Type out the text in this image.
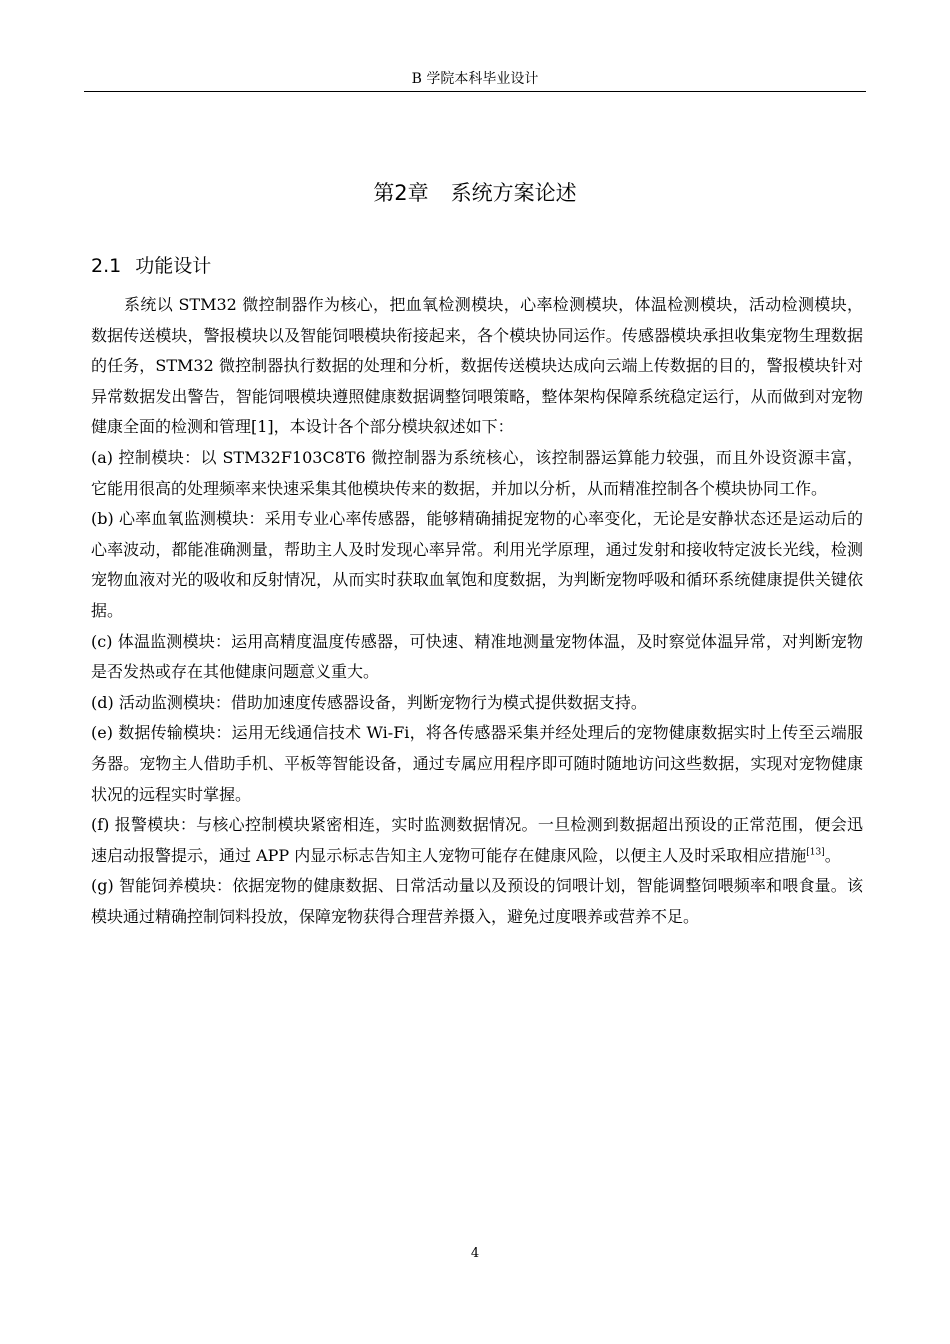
B 学院本科毕业设计
第2章 系统方案论述
2.1 功能设计

系统以 STM32 微控制器作为核心，把血氧检测模块，心率检测模块，体温检测模块，活动检测模块，数据传送模块，警报模块以及智能饲喂模块衔接起来，各个模块协同运作。传感器模块承担收集宠物生理数据的任务，STM32 微控制器执行数据的处理和分析，数据传送模块达成向云端上传数据的目的，警报模块针对异常数据发出警告，智能饲喂模块遵照健康数据调整饲喂策略，整体架构保障系统稳定运行，从而做到对宠物健康全面的检测和管理[1]，本设计各个部分模块叙述如下：

(a) 控制模块：以 STM32F103C8T6 微控制器为系统核心，该控制器运算能力较强，而且外设资源丰富，它能用很高的处理频率来快速采集其他模块传来的数据，并加以分析，从而精准控制各个模块协同工作。

(b) 心率血氧监测模块：采用专业心率传感器，能够精确捕捉宠物的心率变化，无论是安静状态还是运动后的心率波动，都能准确测量，帮助主人及时发现心率异常。利用光学原理，通过发射和接收特定波长光线，检测宠物血液对光的吸收和反射情况，从而实时获取血氧饱和度数据，为判断宠物呼吸和循环系统健康提供关键依据。

(c) 体温监测模块：运用高精度温度传感器，可快速、精准地测量宠物体温，及时察觉体温异常，对判断宠物是否发热或存在其他健康问题意义重大。

(d) 活动监测模块：借助加速度传感器设备，判断宠物行为模式提供数据支持。

(e) 数据传输模块：运用无线通信技术 Wi-Fi，将各传感器采集并经处理后的宠物健康数据实时上传至云端服务器。宠物主人借助手机、平板等智能设备，通过专属应用程序即可随时随地访问这些数据，实现对宠物健康状况的远程实时掌握。

(f) 报警模块：与核心控制模块紧密相连，实时监测数据情况。一旦检测到数据超出预设的正常范围，便会迅速启动报警提示，通过 APP 内显示标志告知主人宠物可能存在健康风险，以便主人及时采取相应措施[13]。

(g) 智能饲养模块：依据宠物的健康数据、日常活动量以及预设的饲喂计划，智能调整饲喂频率和喂食量。该模块通过精确控制饲料投放，保障宠物获得合理营养摄入，避免过度喂养或营养不足。

4
